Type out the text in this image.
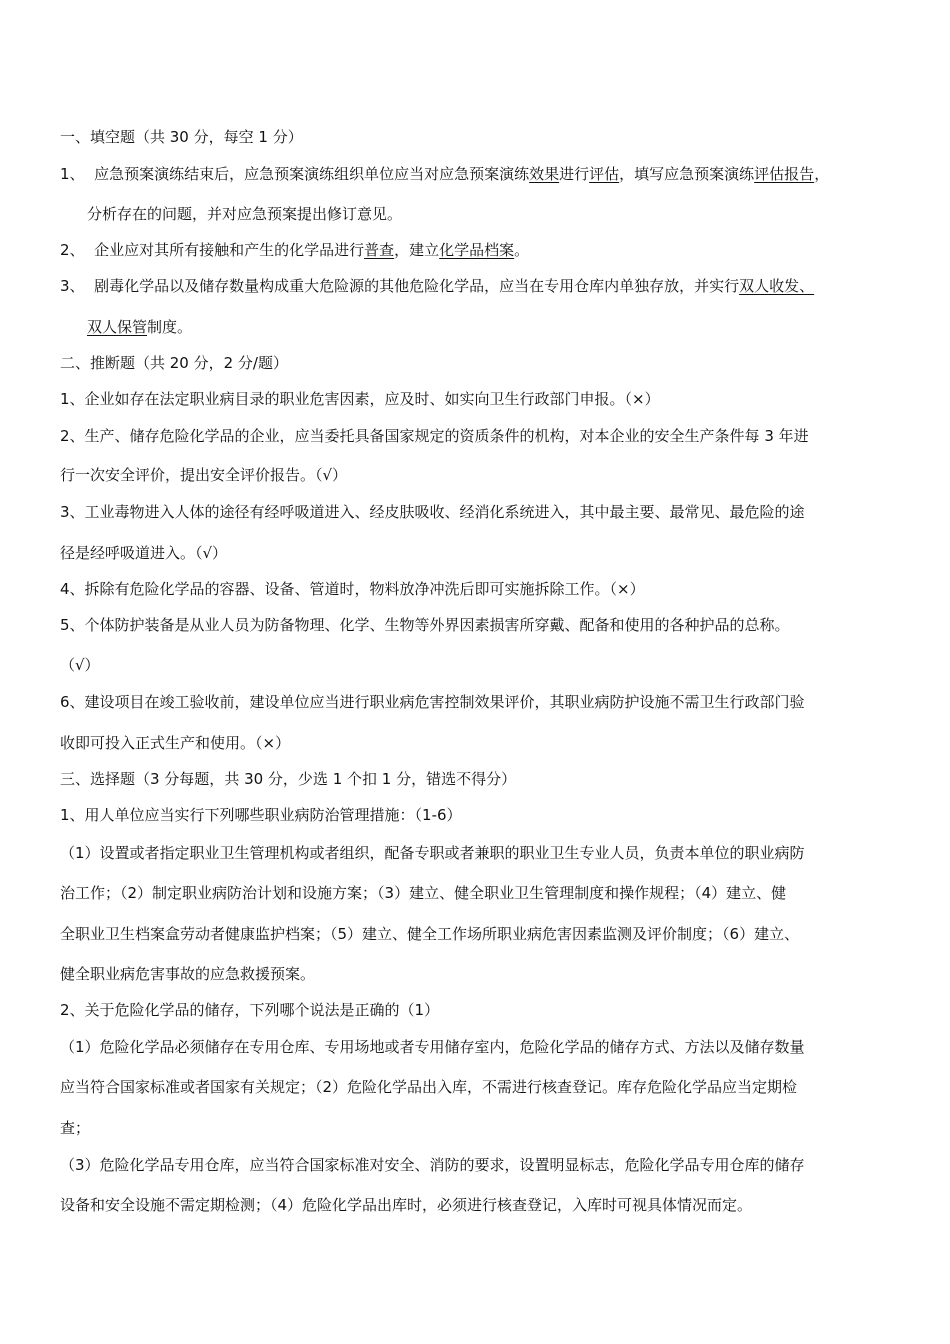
一、填空题（共 30 分，每空 1 分）
1、 应急预案演练结束后，应急预案演练组织单位应当对应急预案演练效果进行评估，填写应急预案演练评估报告，
分析存在的问题，并对应急预案提出修订意见。
2、 企业应对其所有接触和产生的化学品进行普查，建立化学品档案。
3、 剧毒化学品以及储存数量构成重大危险源的其他危险化学品，应当在专用仓库内单独存放，并实行双人收发、
双人保管制度。
二、推断题（共 20 分，2 分/题）
1、企业如存在法定职业病目录的职业危害因素，应及时、如实向卫生行政部门申报。（×）
2、生产、储存危险化学品的企业，应当委托具备国家规定的资质条件的机构，对本企业的安全生产条件每 3 年进
行一次安全评价，提出安全评价报告。（√）
3、工业毒物进入人体的途径有经呼吸道进入、经皮肤吸收、经消化系统进入，其中最主要、最常见、最危险的途
径是经呼吸道进入。（√）
4、拆除有危险化学品的容器、设备、管道时，物料放净冲洗后即可实施拆除工作。（×）
5、个体防护装备是从业人员为防备物理、化学、生物等外界因素损害所穿戴、配备和使用的各种护品的总称。
（√）
6、建设项目在竣工验收前，建设单位应当进行职业病危害控制效果评价，其职业病防护设施不需卫生行政部门验
收即可投入正式生产和使用。（×）
三、选择题（3 分每题，共 30 分，少选 1 个扣 1 分，错选不得分）
1、用人单位应当实行下列哪些职业病防治管理措施：（1-6）
（1）设置或者指定职业卫生管理机构或者组织，配备专职或者兼职的职业卫生专业人员，负责本单位的职业病防
治工作；（2）制定职业病防治计划和设施方案；（3）建立、健全职业卫生管理制度和操作规程；（4）建立、健
全职业卫生档案盒劳动者健康监护档案；（5）建立、健全工作场所职业病危害因素监测及评价制度；（6）建立、
健全职业病危害事故的应急救援预案。
2、关于危险化学品的储存，下列哪个说法是正确的（1）
（1）危险化学品必须储存在专用仓库、专用场地或者专用储存室内，危险化学品的储存方式、方法以及储存数量
应当符合国家标准或者国家有关规定；（2）危险化学品出入库，不需进行核查登记。库存危险化学品应当定期检
查；
（3）危险化学品专用仓库，应当符合国家标准对安全、消防的要求，设置明显标志，危险化学品专用仓库的储存
设备和安全设施不需定期检测；（4）危险化学品出库时，必须进行核查登记，入库时可视具体情况而定。
